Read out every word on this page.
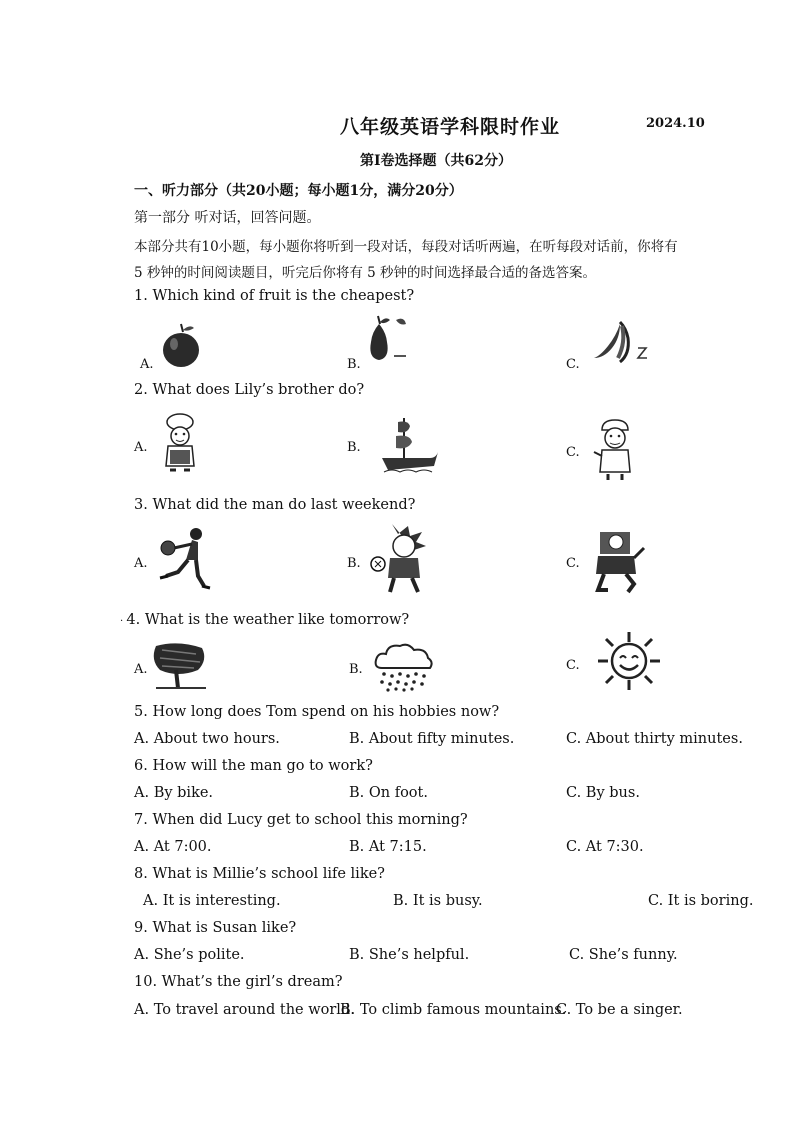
八年级英语学科限时作业	2024.10
第Ⅰ卷选择题（共62分）
一、听力部分（共20小题；每小题1分，满分20分）
第一部分 听对话，回答问题。
本部分共有10小题，每小题你将听到一段对话，每段对话听两遍，在听每段对话前，你将有
5 秒钟的时间阅读题目，听完后你将有 5 秒钟的时间选择最合适的备选答案。
1. Which kind of fruit is the cheapest?
A.	B.	C.
2. What does Lily’s brother do?
A.	B.	C.
3. What did the man do last weekend?
A.	B.	C.
· 4. What is the weather like tomorrow?
A.	B.	C.
5. How long does Tom spend on his hobbies now?
A. About two hours.	B. About fifty minutes.	C. About thirty minutes.
6. How will the man go to work?
A. By bike.	B. On foot.	C. By bus.
7. When did Lucy get to school this morning?
A. At 7:00.	B. At 7:15.	C. At 7:30.
8. What is Millie’s school life like?
A. It is interesting.	B. It is busy.	C. It is boring.
9. What is Susan like?
A. She’s polite.	B. She’s helpful.	C. She’s funny.
10. What’s the girl’s dream?
A. To travel around the world.
B. To climb famous mountains.
C. To be a singer.
